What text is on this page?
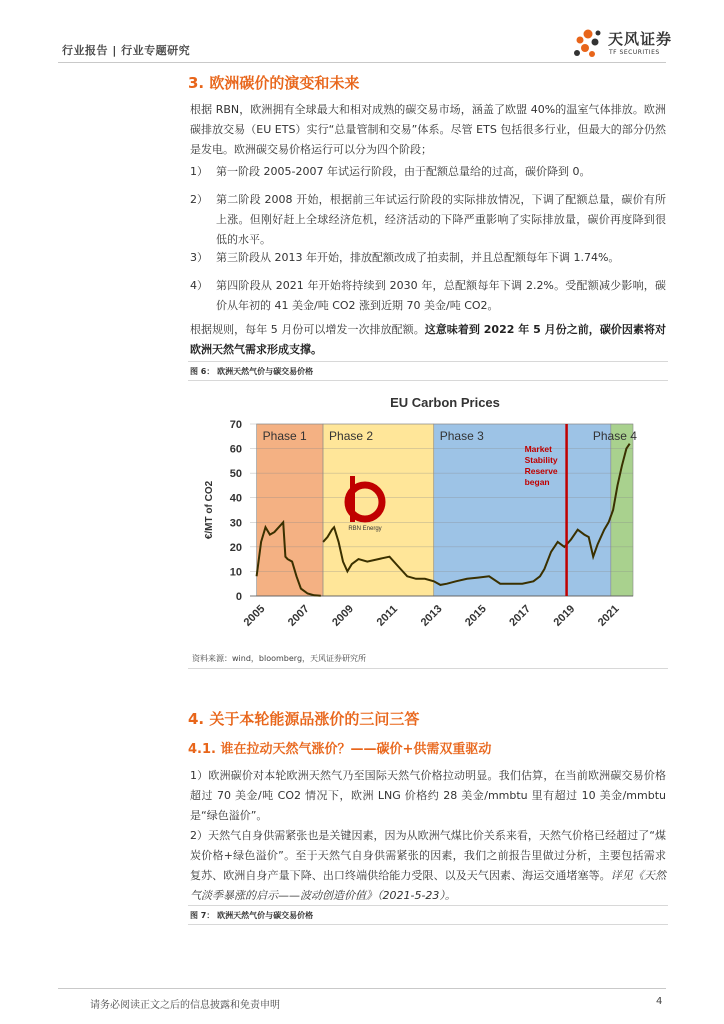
行业报告 | 行业专题研究
天风证券
TF SECURITIES
3. 欧洲碳价的演变和未来
根据 RBN，欧洲拥有全球最大和相对成熟的碳交易市场，涵盖了欧盟 40%的温室气体排放。欧洲碳排放交易（EU ETS）实行“总量管制和交易”体系。尽管 ETS 包括很多行业，但最大的部分仍然是发电。欧洲碳交易价格运行可以分为四个阶段；
1） 第一阶段 2005-2007 年试运行阶段，由于配额总量给的过高，碳价降到 0。
2） 第二阶段 2008 开始，根据前三年试运行阶段的实际排放情况，下调了配额总量，碳价有所上涨。但刚好赶上全球经济危机，经济活动的下降严重影响了实际排放量，碳价再度降到很低的水平。
3） 第三阶段从 2013 年开始，排放配额改成了拍卖制，并且总配额每年下调 1.74%。
4） 第四阶段从 2021 年开始将持续到 2030 年，总配额每年下调 2.2%。受配额减少影响，碳价从年初的 41 美金/吨 CO2 涨到近期 70 美金/吨 CO2。
根据规则，每年 5 月份可以增发一次排放配额。这意味着到 2022 年 5 月份之前，碳价因素将对欧洲天然气需求形成支撑。
图 6： 欧洲天然气价与碳交易价格
Phase 1 Phase 2	Phase 3	Phase 4
RBN Energy
Market
Stability
Reserve
began
EU Carbon Prices
€/MT of CO2
0
10
20
30
40
50
60
70
2005 2007 2009 2011 2013 2015 2017 2019 2021
资料来源：wind，bloomberg，天风证券研究所
4. 关于本轮能源品涨价的三问三答
4.1. 谁在拉动天然气涨价？——碳价+供需双重驱动
1）欧洲碳价对本轮欧洲天然气乃至国际天然气价格拉动明显。我们估算，在当前欧洲碳交易价格超过 70 美金/吨 CO2 情况下，欧洲 LNG 价格约 28 美金/mmbtu 里有超过 10 美金/mmbtu 是“绿色溢价”。
2）天然气自身供需紧张也是关键因素，因为从欧洲气煤比价关系来看，天然气价格已经超过了“煤炭价格+绿色溢价”。至于天然气自身供需紧张的因素，我们之前报告里做过分析，主要包括需求复苏、欧洲自身产量下降、出口终端供给能力受限、以及天气因素、海运交通堵塞等。详见《天然气淡季暴涨的启示——波动创造价值》（2021-5-23）。
图 7： 欧洲天然气价与碳交易价格
请务必阅读正文之后的信息披露和免责申明	4
